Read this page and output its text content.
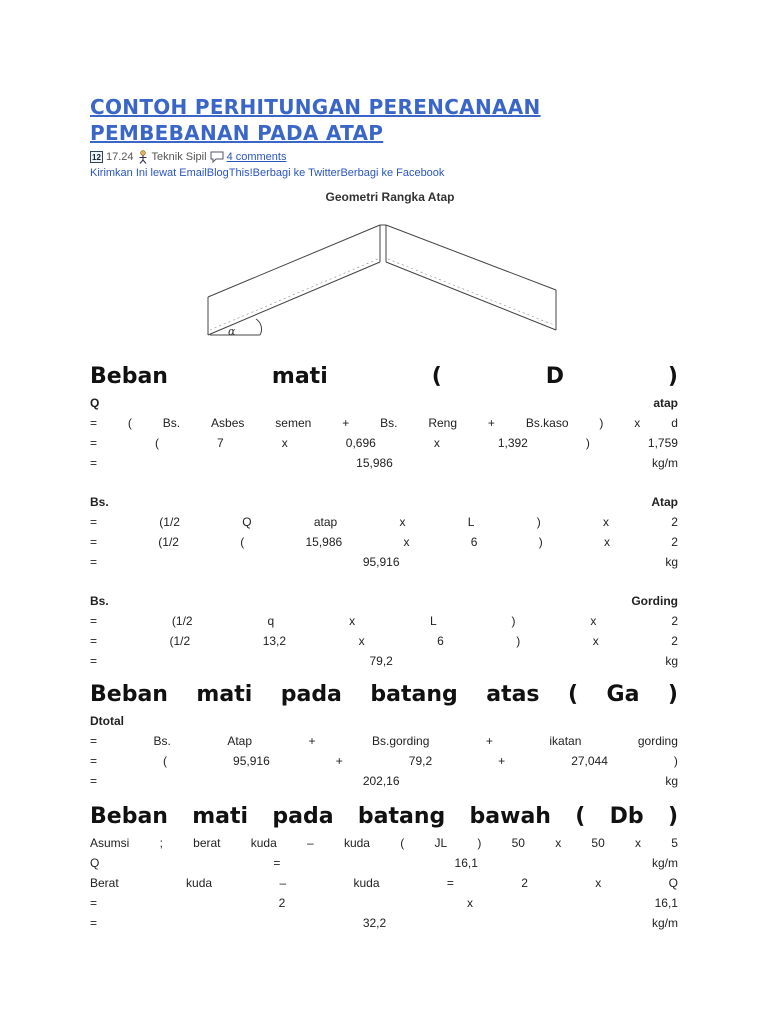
CONTOH PERHITUNGAN PERENCANAAN PEMBEBANAN PADA ATAP
12
17.24 Teknik Sipil 4 comments
Kirimkan Ini lewat EmailBlogThis!Berbagi ke TwitterBerbagi ke Facebook
Geometri Rangka Atap
α
Beban	mati	(	D	)
Q	atap
=	(	Bs.	Asbes	semen	+	Bs.	Reng	+	Bs.kaso	)	x	d
=	(	7	x	0,696	x	1,392	)	1,759
=	15,986	kg/m
Bs.	Atap
=	(1/2	Q	atap	x	L	)	x	2
=	(1/2	(	15,986	x	6	)	x	2
=	95,916	kg
Bs.	Gording
=	(1/2	q	x	L	)	x	2
=	(1/2	13,2	x	6	)	x	2
=	79,2	kg
Beban mati pada batang atas ( Ga )
Dtotal
=	Bs.	Atap	+	Bs.gording	+	ikatan	gording
=	(	95,916	+	79,2	+	27,044	)
=	202,16	kg
Beban mati pada batang bawah ( Db )
Asumsi	;	berat	kuda	–	kuda	(	JL	)	50	x	50	x	5
Q	=	16,1	kg/m
Berat	kuda	–	kuda	=	2	x	Q
=	2	x	16,1
=	32,2	kg/m
